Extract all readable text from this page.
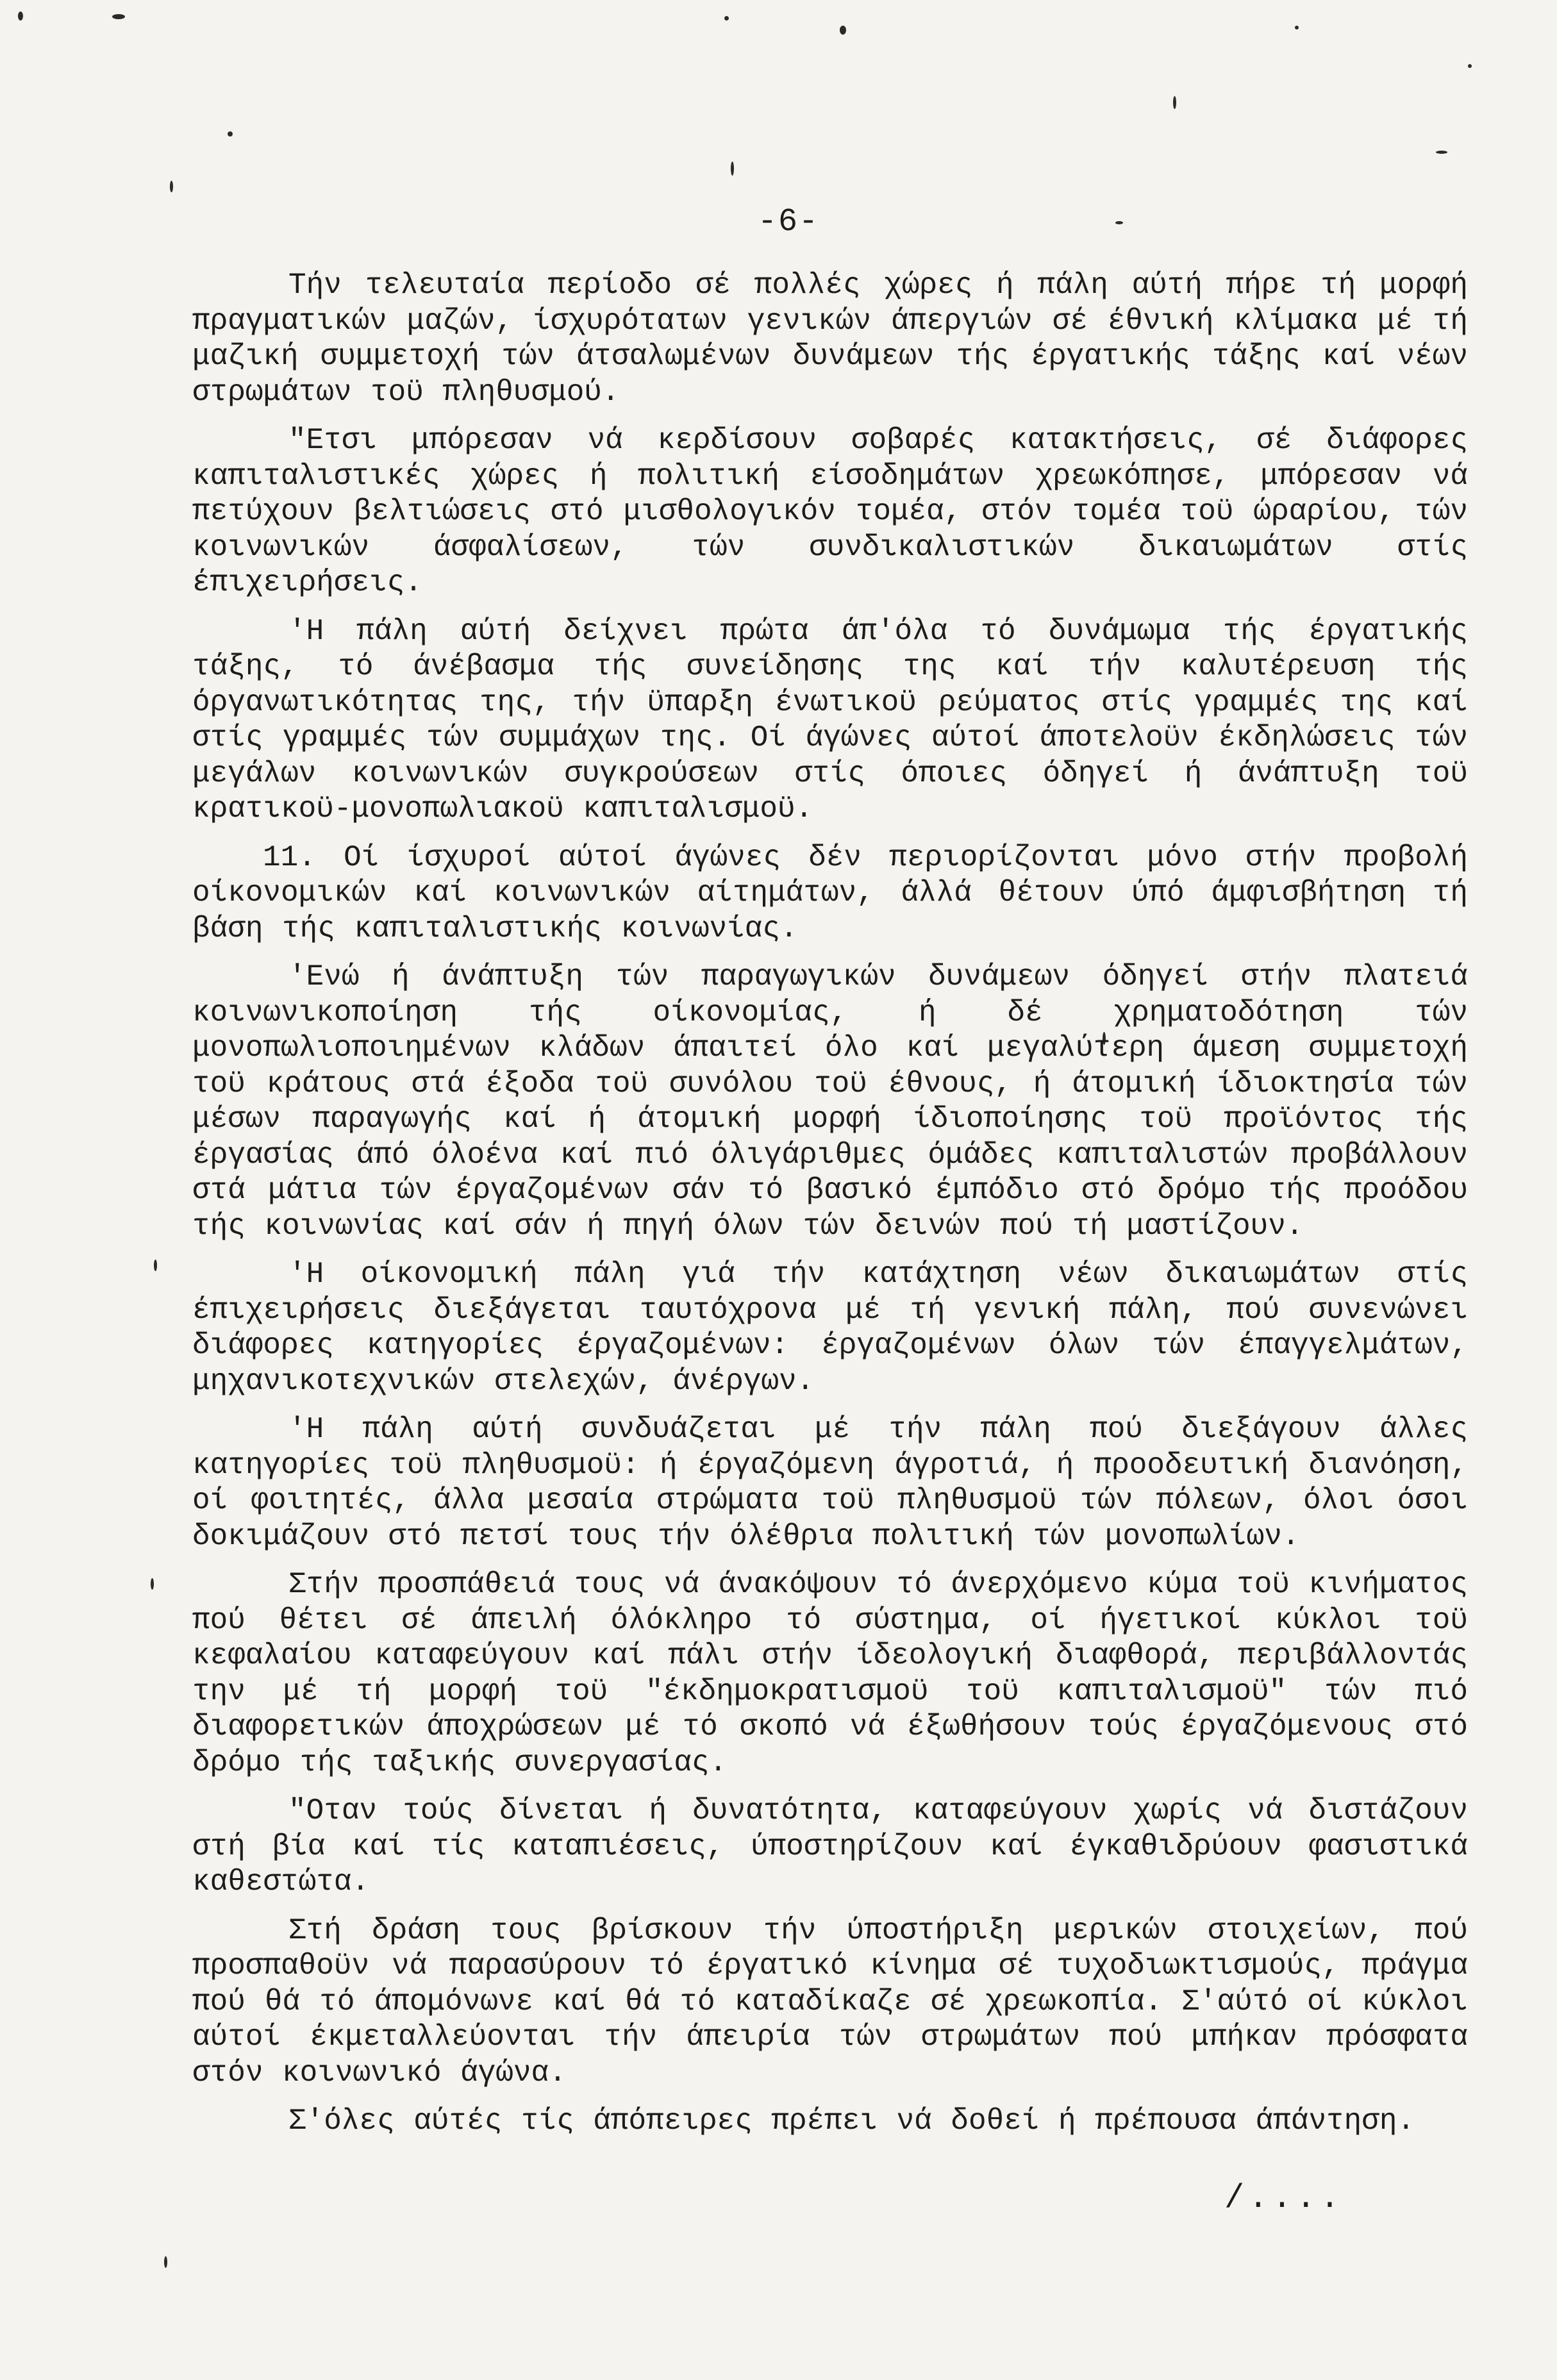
-6-

Τήν τελευταία περίοδο σέ πολλές χώρες ή πάλη αύτή πήρε τή μορφή πραγματικών μαζών, ίσχυρότατων γενικών άπεργιών σέ έθνική κλίμακα μέ τή μαζική συμμετοχή τών άτσαλωμένων δυνάμεων τής έργατικής τάξης καί νέων στρωμάτων τοϋ πληθυσμού.

"Ετσι μπόρεσαν νά κερδίσουν σοβαρές κατακτήσεις, σέ διάφορες καπιταλιστικές χώρες ή πολιτική είσοδημάτων χρεωκόπησε, μπόρεσαν νά πετύχουν βελτιώσεις στό μισθολογικόν τομέα, στόν τομέα τοϋ ώραρίου, τών κοινωνικών άσφαλίσεων, τών συνδικαλιστικών δικαιωμάτων στίς έπιχειρήσεις.

'Η πάλη αύτή δείχνει πρώτα άπ'όλα τό δυνάμωμα τής έργατικής τάξης, τό άνέβασμα τής συνείδησης της καί τήν καλυτέρευση τής όργανωτικότητας της, τήν ϋπαρξη ένωτικοϋ ρεύματος στίς γραμμές της καί στίς γραμμές τών συμμάχων της. Οί άγώνες αύτοί άποτελοϋν έκδηλώσεις τών μεγάλων κοινωνικών συγκρούσεων στίς όποιες όδηγεί ή άνάπτυξη τοϋ κρατικοϋ-μονοπωλιακοϋ καπιταλισμοϋ.

11. Οί ίσχυροί αύτοί άγώνες δέν περιορίζονται μόνο στήν προβολή οίκονομικών καί κοινωνικών αίτημάτων, άλλά θέτουν ύπό άμφισβήτηση τή βάση τής καπιταλιστικής κοινωνίας.

'Ενώ ή άνάπτυξη τών παραγωγικών δυνάμεων όδηγεί στήν πλατειά κοινωνικοποίηση τής οίκονομίας, ή δέ χρηματοδότηση τών μονοπωλιοποιημένων κλάδων άπαιτεί όλο καί μεγαλύτερη άμεση συμμετοχή τοϋ κράτους στά έξοδα τοϋ συνόλου τοϋ έθνους, ή άτομική ίδιοκτησία τών μέσων παραγωγής καί ή άτομική μορφή ίδιοποίησης τοϋ προϊόντος τής έργασίας άπό όλοένα καί πιό όλιγάριθμες όμάδες καπιταλιστών προβάλλουν στά μάτια τών έργαζομένων σάν τό βασικό έμπόδιο στό δρόμο τής προόδου τής κοινωνίας καί σάν ή πηγή όλων τών δεινών πού τή μαστίζουν.

'Η οίκονομική πάλη γιά τήν κατάχτηση νέων δικαιωμάτων στίς έπιχειρήσεις διεξάγεται ταυτόχρονα μέ τή γενική πάλη, πού συνενώνει διάφορες κατηγορίες έργαζομένων: έργαζομένων όλων τών έπαγγελμάτων, μηχανικοτεχνικών στελεχών, άνέργων.

'Η πάλη αύτή συνδυάζεται μέ τήν πάλη πού διεξάγουν άλλες κατηγορίες τοϋ πληθυσμοϋ: ή έργαζόμενη άγροτιά, ή προοδευτική διανόηση, οί φοιτητές, άλλα μεσαία στρώματα τοϋ πληθυσμοϋ τών πόλεων, όλοι όσοι δοκιμάζουν στό πετσί τους τήν όλέθρια πολιτική τών μονοπωλίων.

Στήν προσπάθειά τους νά άνακόψουν τό άνερχόμενο κύμα τοϋ κινήματος πού θέτει σέ άπειλή όλόκληρο τό σύστημα, οί ήγετικοί κύκλοι τοϋ κεφαλαίου καταφεύγουν καί πάλι στήν ίδεολογική διαφθορά, περιβάλλοντάς την μέ τή μορφή τοϋ "έκδημοκρατισμοϋ τοϋ καπιταλισμοϋ" τών πιό διαφορετικών άποχρώσεων μέ τό σκοπό νά έξωθήσουν τούς έργαζόμενους στό δρόμο τής ταξικής συνεργασίας.

"Οταν τούς δίνεται ή δυνατότητα, καταφεύγουν χωρίς νά διστάζουν στή βία καί τίς καταπιέσεις, ύποστηρίζουν καί έγκαθιδρύουν φασιστικά καθεστώτα.

Στή δράση τους βρίσκουν τήν ύποστήριξη μερικών στοιχείων, πού προσπαθοϋν νά παρασύρουν τό έργατικό κίνημα σέ τυχοδιωκτισμούς, πράγμα πού θά τό άπομόνωνε καί θά τό καταδίκαζε σέ χρεωκοπία. Σ'αύτό οί κύκλοι αύτοί έκμεταλλεύονται τήν άπειρία τών στρωμάτων πού μπήκαν πρόσφατα στόν κοινωνικό άγώνα.

Σ'όλες αύτές τίς άπόπειρες πρέπει νά δοθεί ή πρέπουσα άπάντηση.

/....
